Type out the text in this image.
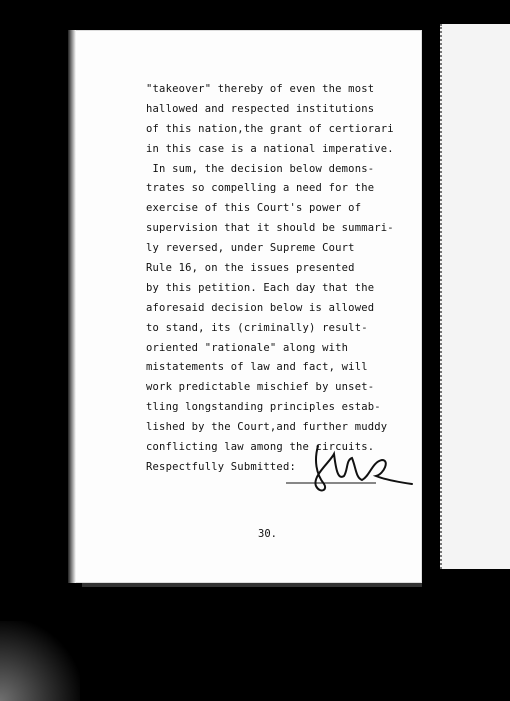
"takeover" thereby of even the most
hallowed and respected institutions
of this nation,the grant of certiorari
in this case is a national imperative.
In sum, the decision below demons-
trates so compelling a need for the
exercise of this Court's power of
supervision that it should be summari-
ly reversed, under Supreme Court
Rule 16, on the issues presented
by this petition. Each day that the
aforesaid decision below is allowed
to stand, its (criminally) result-
oriented "rationale" along with
mistatements of law and fact, will
work predictable mischief by unset-
tling longstanding principles estab-
lished by the Court,and further muddy
conflicting law among the circuits.
Respectfully Submitted:
30.
